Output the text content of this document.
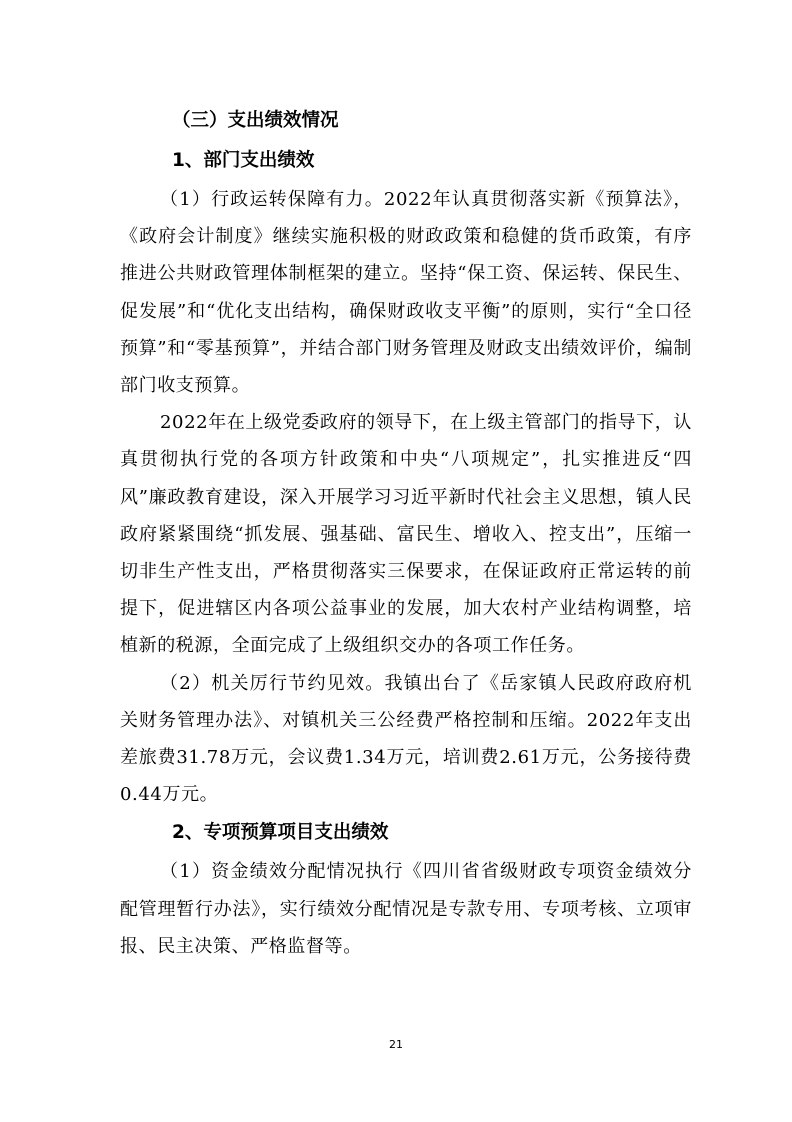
（三）支出绩效情况
1、部门支出绩效

（1）行政运转保障有力。2022年认真贯彻落实新《预算法》，《政府会计制度》继续实施积极的财政政策和稳健的货币政策，有序推进公共财政管理体制框架的建立。坚持“保工资、保运转、保民生、促发展”和“优化支出结构，确保财政收支平衡”的原则，实行“全口径预算”和“零基预算”，并结合部门财务管理及财政支出绩效评价，编制部门收支预算。

2022年在上级党委政府的领导下，在上级主管部门的指导下，认真贯彻执行党的各项方针政策和中央“八项规定”，扎实推进反“四风”廉政教育建设，深入开展学习习近平新时代社会主义思想，镇人民政府紧紧围绕“抓发展、强基础、富民生、增收入、控支出”，压缩一切非生产性支出，严格贯彻落实三保要求，在保证政府正常运转的前提下，促进辖区内各项公益事业的发展，加大农村产业结构调整，培植新的税源，全面完成了上级组织交办的各项工作任务。

（2）机关厉行节约见效。我镇出台了《岳家镇人民政府政府机关财务管理办法》、对镇机关三公经费严格控制和压缩。2022年支出差旅费31.78万元，会议费1.34万元，培训费2.61万元，公务接待费0.44万元。

2、专项预算项目支出绩效

（1）资金绩效分配情况执行《四川省省级财政专项资金绩效分配管理暂行办法》，实行绩效分配情况是专款专用、专项考核、立项审报、民主决策、严格监督等。

21
